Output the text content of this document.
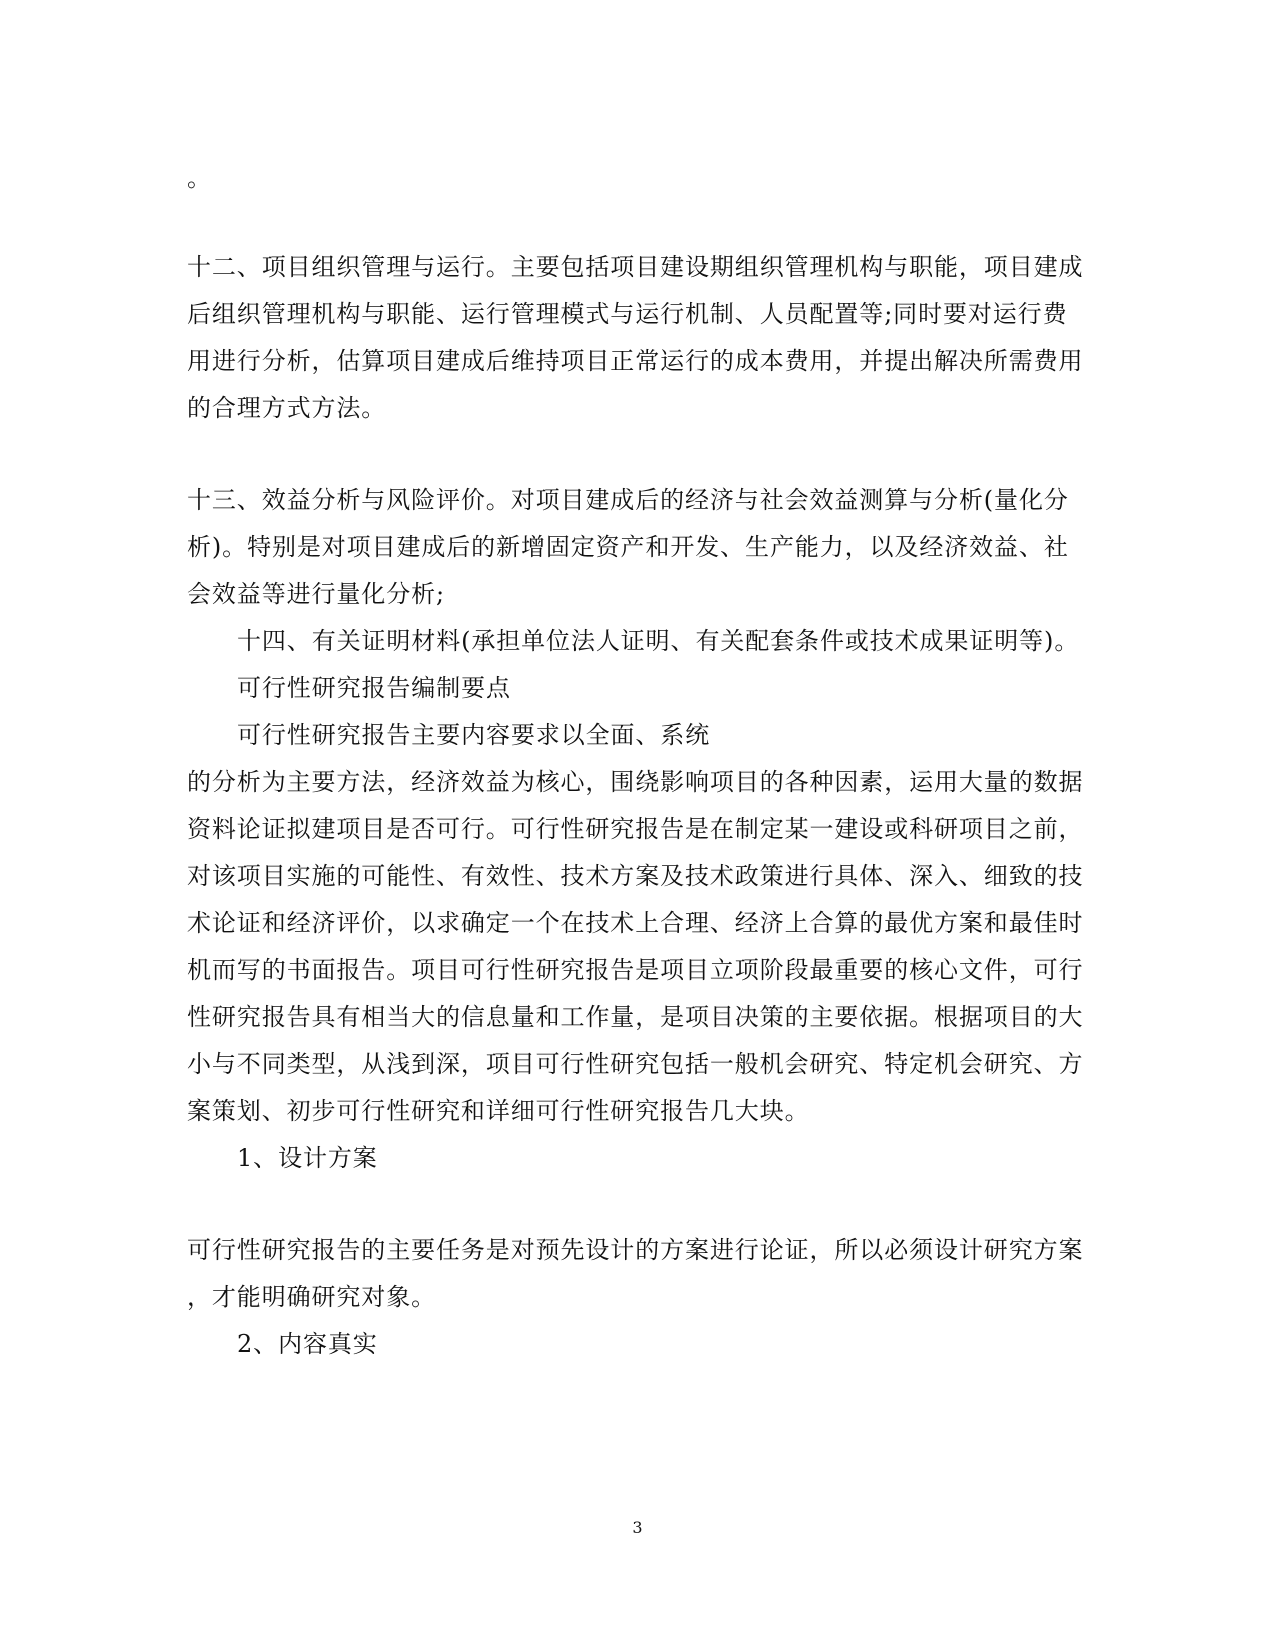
。
十二、项目组织管理与运行。主要包括项目建设期组织管理机构与职能，项目建成
后组织管理机构与职能、运行管理模式与运行机制、人员配置等;同时要对运行费
用进行分析，估算项目建成后维持项目正常运行的成本费用，并提出解决所需费用
的合理方式方法。
十三、效益分析与风险评价。对项目建成后的经济与社会效益测算与分析(量化分
析)。特别是对项目建成后的新增固定资产和开发、生产能力，以及经济效益、社
会效益等进行量化分析;
十四、有关证明材料(承担单位法人证明、有关配套条件或技术成果证明等)。
可行性研究报告编制要点
可行性研究报告主要内容要求以全面、系统
的分析为主要方法，经济效益为核心，围绕影响项目的各种因素，运用大量的数据
资料论证拟建项目是否可行。可行性研究报告是在制定某一建设或科研项目之前，
对该项目实施的可能性、有效性、技术方案及技术政策进行具体、深入、细致的技
术论证和经济评价，以求确定一个在技术上合理、经济上合算的最优方案和最佳时
机而写的书面报告。项目可行性研究报告是项目立项阶段最重要的核心文件，可行
性研究报告具有相当大的信息量和工作量，是项目决策的主要依据。根据项目的大
小与不同类型，从浅到深，项目可行性研究包括一般机会研究、特定机会研究、方
案策划、初步可行性研究和详细可行性研究报告几大块。
1、设计方案
可行性研究报告的主要任务是对预先设计的方案进行论证，所以必须设计研究方案
，才能明确研究对象。
2、内容真实
3
